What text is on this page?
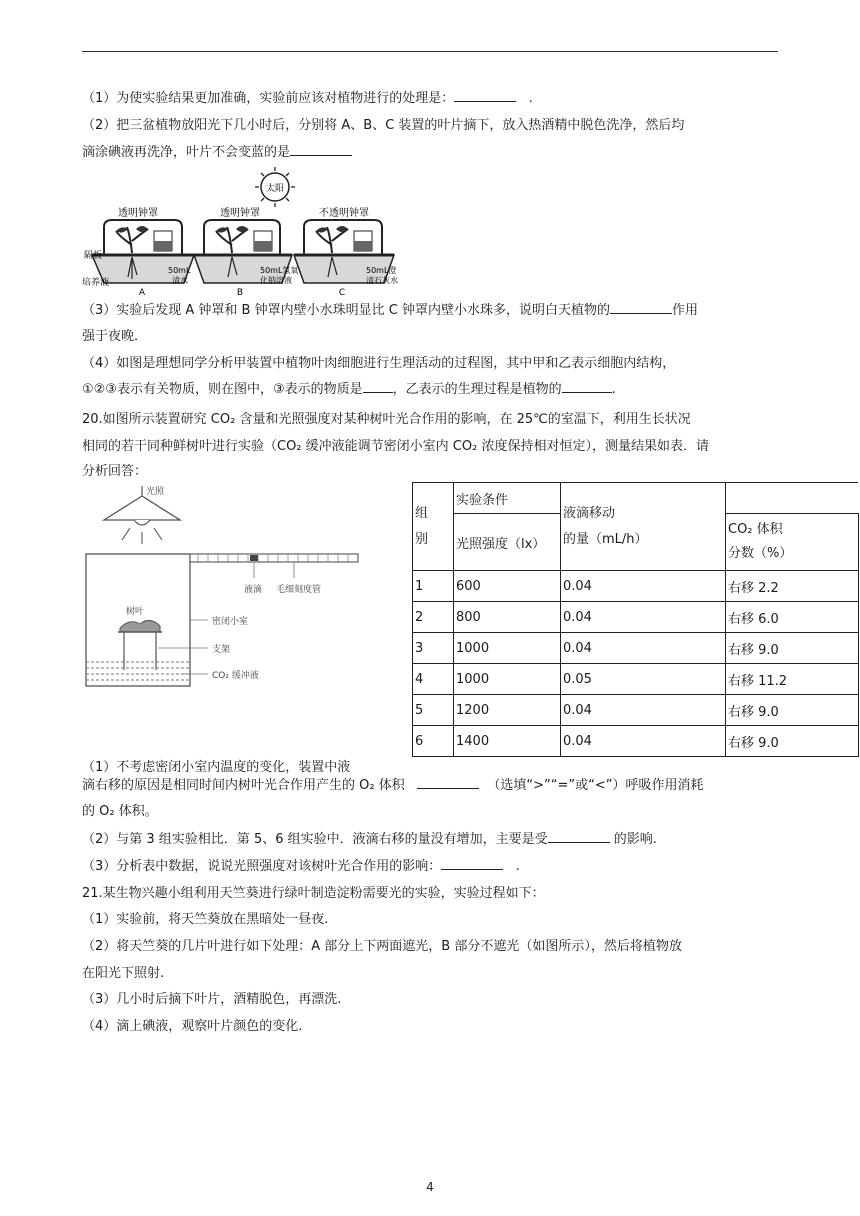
（1）为使实验结果更加准确，实验前应该对植物进行的处理是：	.
（2）把三盆植物放阳光下几小时后，分别将 A、B、C 装置的叶片摘下，放入热酒精中脱色洗净，然后均
滴涂碘液再洗净，叶片不会变蓝的是
太阳
透明钟罩
隔板
培养液
50mL
清水
A
透明钟罩
50mL氢氧
化钠溶液
B
不透明钟罩
50mL澄
清石灰水
C
（3）实验后发现 A 钟罩和 B 钟罩内壁小水珠明显比 C 钟罩内壁小水珠多，说明白天植物的	作用
强于夜晚．
（4）如图是理想同学分析甲装置中植物叶肉细胞进行生理活动的过程图，其中甲和乙表示细胞内结构，
①②③表示有关物质，则在图中，③表示的物质是 ，乙表示的生理过程是植物的	.
20.如图所示装置研究 CO₂ 含量和光照强度对某种树叶光合作用的影响，在 25℃的室温下，利用生长状况
相同的若干同种鲜树叶进行实验（CO₂ 缓冲液能调节密闭小室内 CO₂ 浓度保持相对恒定），测量结果如表．请
分析回答：
光照
液滴 毛细刻度管
树叶
密闭小室
支架
CO₂ 缓冲液
组
别	实验条件	液滴移动
的量（mL/h）	
	光照强度（lx）		CO₂ 体积
分数（%）
1	600	0.04	右移 2.2
2	800	0.04	右移 6.0
3	1000	0.04	右移 9.0
4	1000	0.05	右移 11.2
5	1200	0.04	右移 9.0
6	1400	0.04	右移 9.0
（1）不考虑密闭小室内温度的变化，装置中液
滴右移的原因是相同时间内树叶光合作用产生的 O₂ 体积	（选填“>”“=”或“<”）呼吸作用消耗
的 O₂ 体积。
（2）与第 3 组实验相比．第 5、6 组实验中．液滴右移的量没有增加，主要是受	的影响.
（3）分析表中数据，说说光照强度对该树叶光合作用的影响：	.
21.某生物兴趣小组利用天竺葵进行绿叶制造淀粉需要光的实验，实验过程如下：
（1）实验前，将天竺葵放在黑暗处一昼夜.
（2）将天竺葵的几片叶进行如下处理：A 部分上下两面遮光，B 部分不遮光（如图所示），然后将植物放
在阳光下照射.
（3）几小时后摘下叶片，酒精脱色，再漂洗.
（4）滴上碘液，观察叶片颜色的变化.
4
